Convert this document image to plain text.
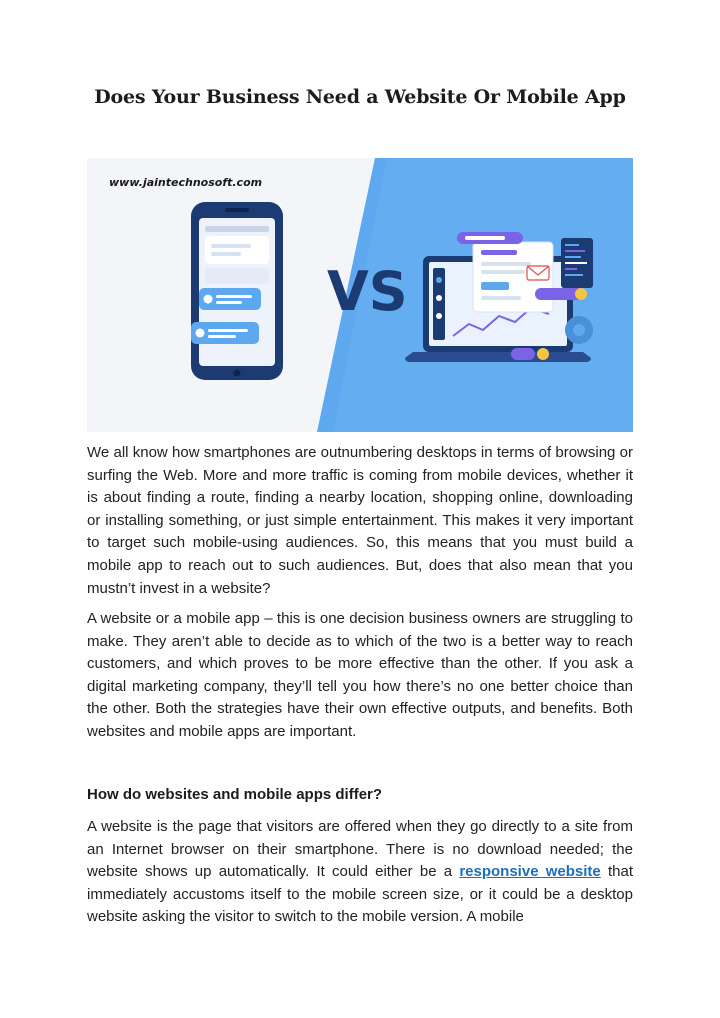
Does Your Business Need a Website Or Mobile App
www.jaintechnosoft.com
VS

We all know how smartphones are outnumbering desktops in terms of browsing or surfing the Web. More and more traffic is coming from mobile devices, whether it is about finding a route, finding a nearby location, shopping online, downloading or installing something, or just simple entertainment. This makes it very important to target such mobile-using audiences. So, this means that you must build a mobile app to reach out to such audiences. But, does that also mean that you mustn’t invest in a website?

A website or a mobile app – this is one decision business owners are struggling to make. They aren’t able to decide as to which of the two is a better way to reach customers, and which proves to be more effective than the other. If you ask a digital marketing company, they’ll tell you how there’s no one better choice than the other. Both the strategies have their own effective outputs, and benefits. Both websites and mobile apps are important.

How do websites and mobile apps differ?

A website is the page that visitors are offered when they go directly to a site from an Internet browser on their smartphone. There is no download needed; the website shows up automatically. It could either be a responsive website that immediately accustoms itself to the mobile screen size, or it could be a desktop website asking the visitor to switch to the mobile version. A mobile
